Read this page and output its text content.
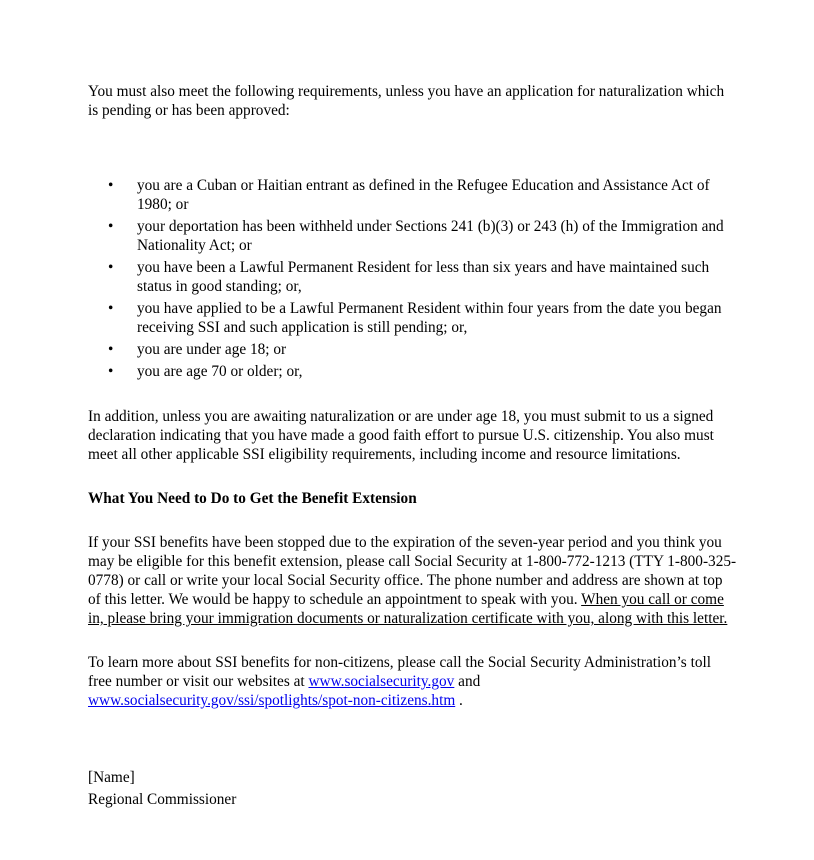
You must also meet the following requirements, unless you have an application for naturalization which is pending or has been approved:

• you are a Cuban or Haitian entrant as defined in the Refugee Education and Assistance Act of 1980; or
• your deportation has been withheld under Sections 241 (b)(3) or 243 (h) of the Immigration and Nationality Act; or
• you have been a Lawful Permanent Resident for less than six years and have maintained such status in good standing; or,
• you have applied to be a Lawful Permanent Resident within four years from the date you began receiving SSI and such application is still pending; or,
• you are under age 18; or
• you are age 70 or older; or,

In addition, unless you are awaiting naturalization or are under age 18, you must submit to us a signed declaration indicating that you have made a good faith effort to pursue U.S. citizenship. You also must meet all other applicable SSI eligibility requirements, including income and resource limitations.

What You Need to Do to Get the Benefit Extension

If your SSI benefits have been stopped due to the expiration of the seven-year period and you think you may be eligible for this benefit extension, please call Social Security at 1-800-772-1213 (TTY 1-800-325-0778) or call or write your local Social Security office. The phone number and address are shown at top of this letter. We would be happy to schedule an appointment to speak with you. When you call or come in, please bring your immigration documents or naturalization certificate with you, along with this letter.

To learn more about SSI benefits for non-citizens, please call the Social Security Administration’s toll free number or visit our websites at www.socialsecurity.gov and www.socialsecurity.gov/ssi/spotlights/spot-non-citizens.htm .

[Name]
Regional Commissioner
